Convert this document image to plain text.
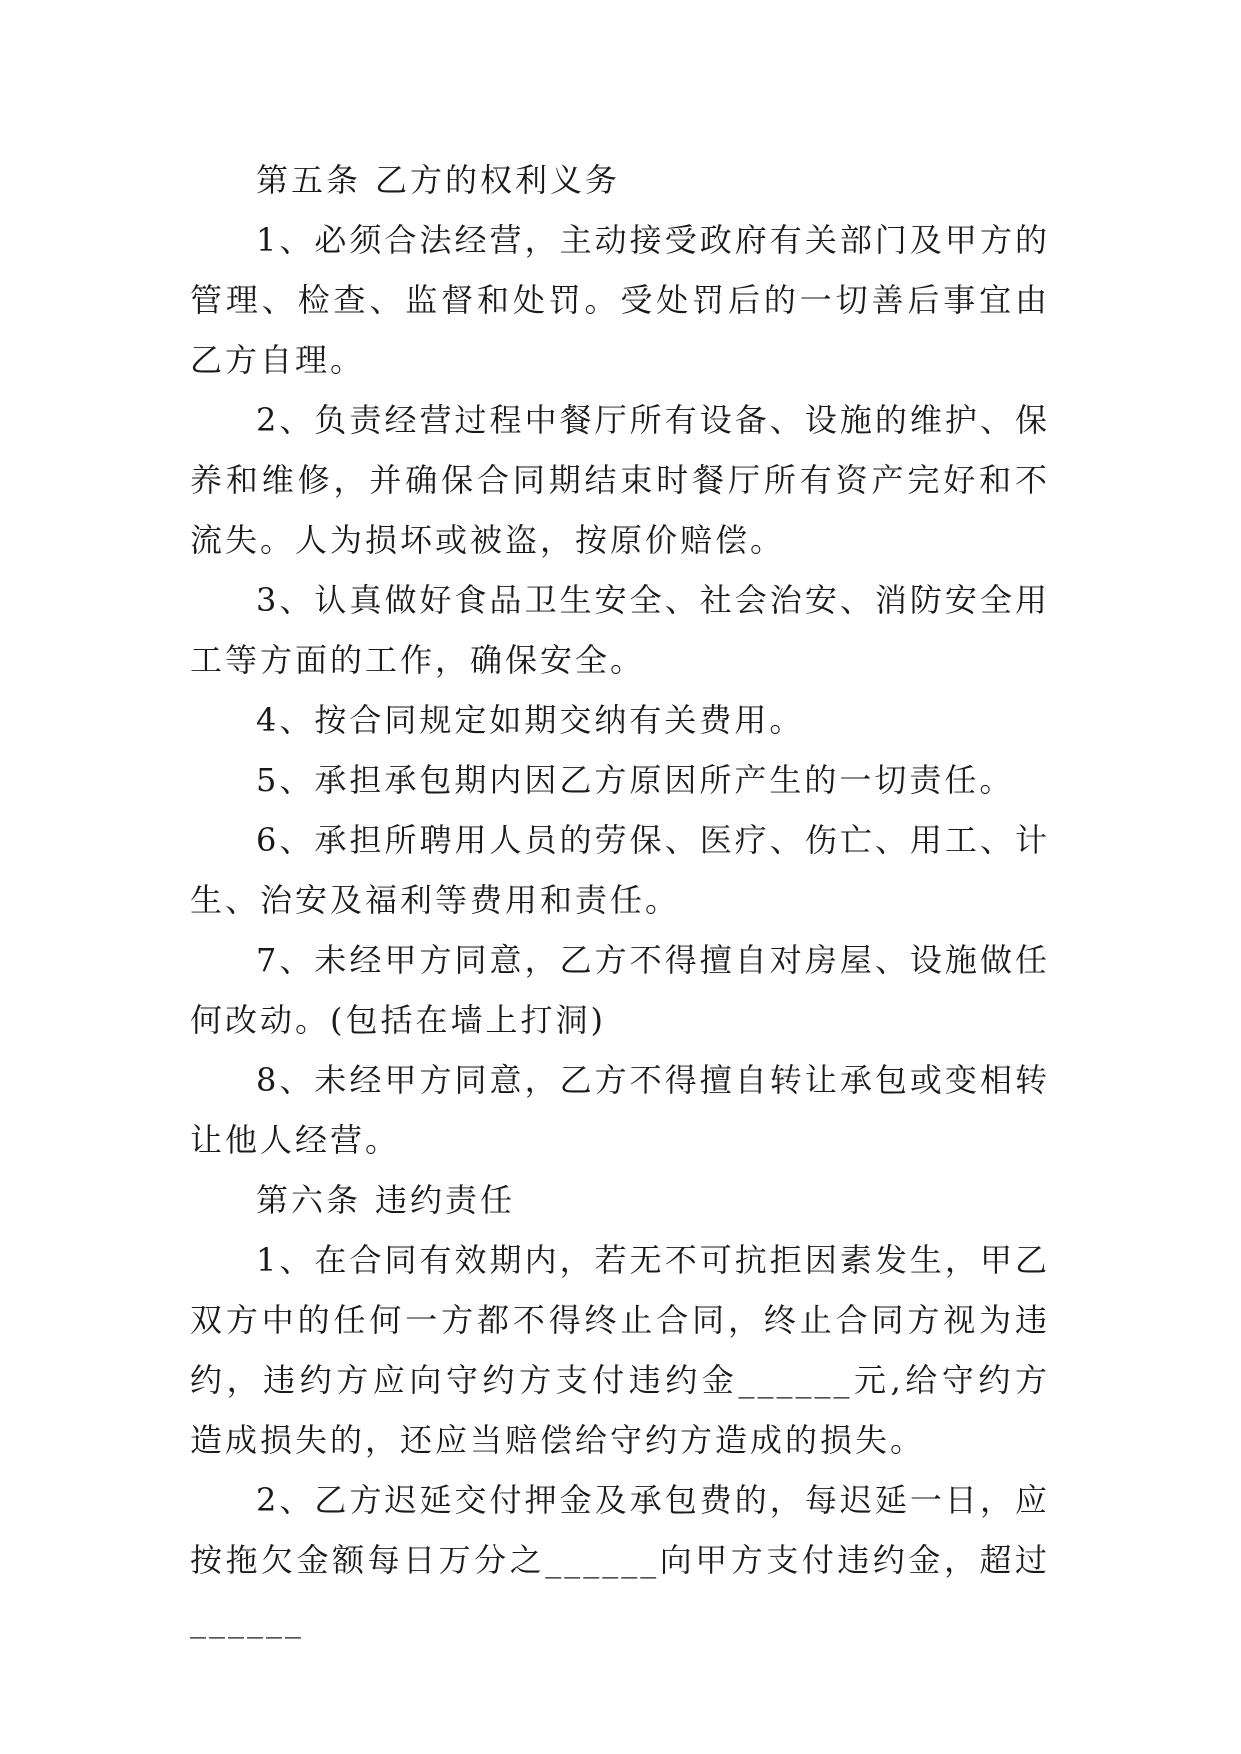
第五条 乙方的权利义务

1、必须合法经营，主动接受政府有关部门及甲方的管理、检查、监督和处罚。受处罚后的一切善后事宜由乙方自理。

2、负责经营过程中餐厅所有设备、设施的维护、保养和维修，并确保合同期结束时餐厅所有资产完好和不流失。人为损坏或被盗，按原价赔偿。

3、认真做好食品卫生安全、社会治安、消防安全用工等方面的工作，确保安全。

4、按合同规定如期交纳有关费用。

5、承担承包期内因乙方原因所产生的一切责任。

6、承担所聘用人员的劳保、医疗、伤亡、用工、计生、治安及福利等费用和责任。

7、未经甲方同意，乙方不得擅自对房屋、设施做任何改动。(包括在墙上打洞)

8、未经甲方同意，乙方不得擅自转让承包或变相转让他人经营。

第六条 违约责任

1、在合同有效期内，若无不可抗拒因素发生，甲乙双方中的任何一方都不得终止合同，终止合同方视为违约，违约方应向守约方支付违约金______元,给守约方造成损失的，还应当赔偿给守约方造成的损失。

2、乙方迟延交付押金及承包费的，每迟延一日，应按拖欠金额每日万分之______向甲方支付违约金，超过______
